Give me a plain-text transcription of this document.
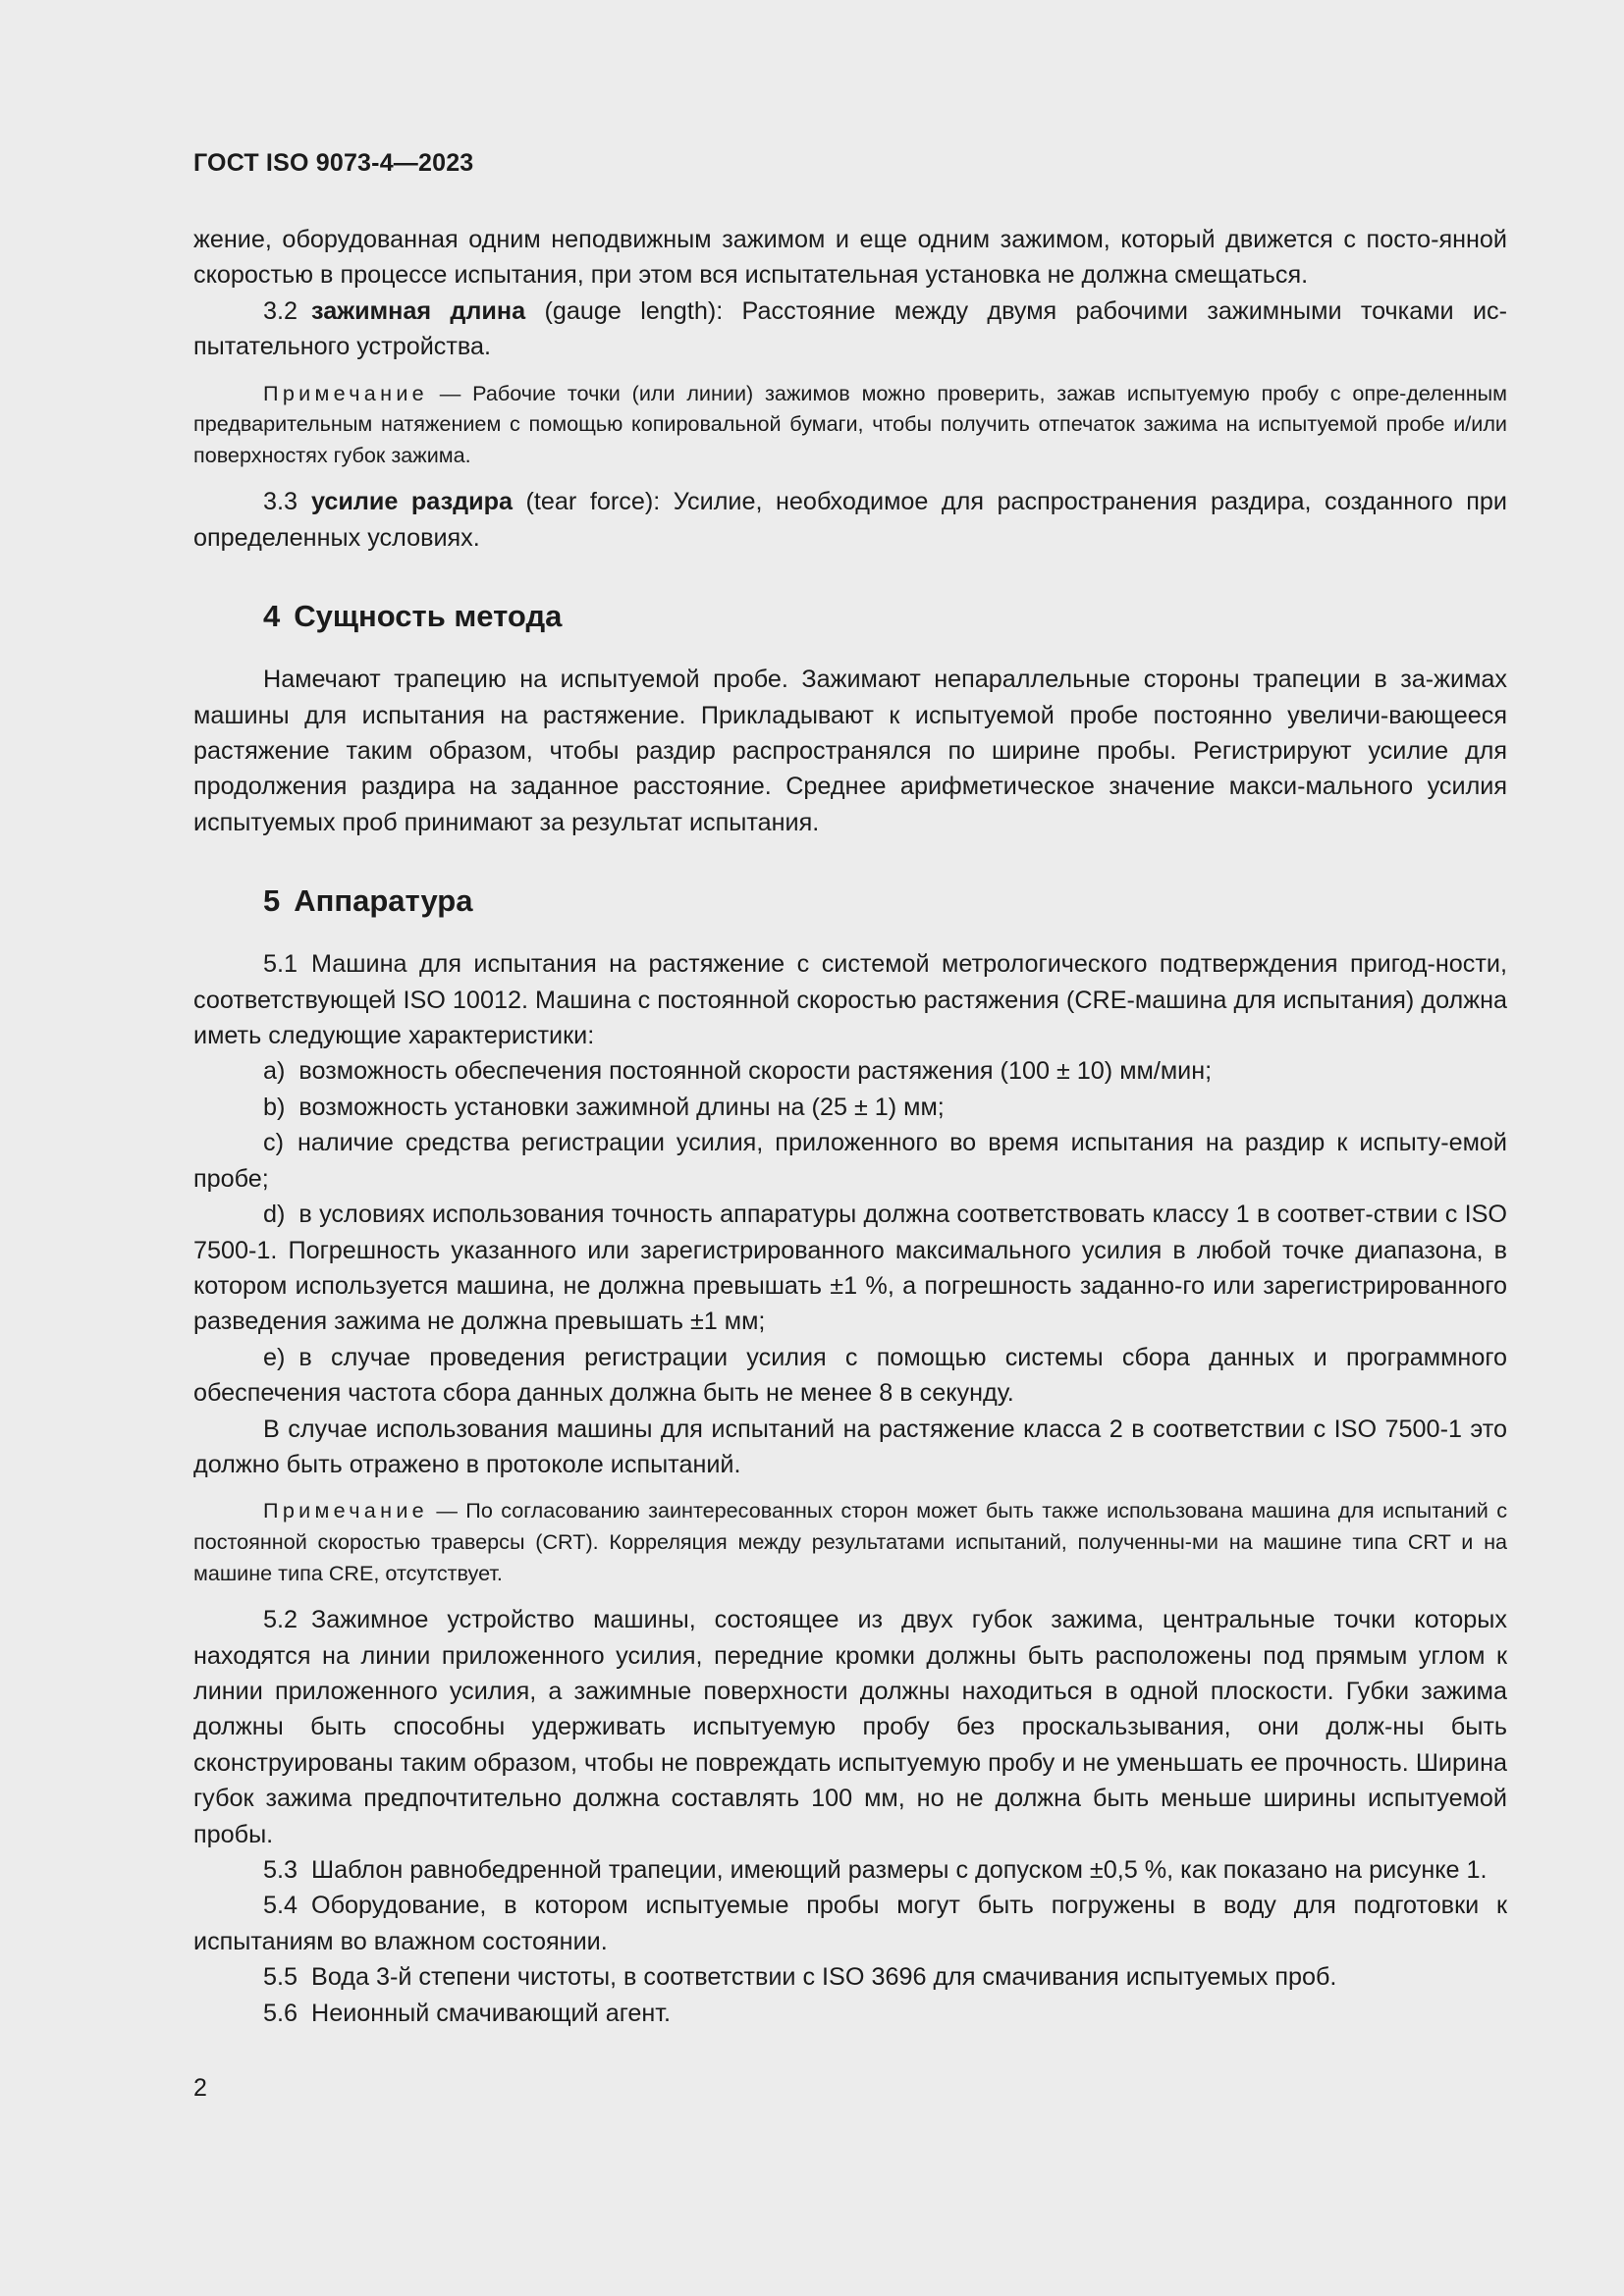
ГОСТ ISO 9073-4—2023

жение, оборудованная одним неподвижным зажимом и еще одним зажимом, который движется с посто-янной скоростью в процессе испытания, при этом вся испытательная установка не должна смещаться.

3.2 зажимная длина (gauge length): Расстояние между двумя рабочими зажимными точками ис-пытательного устройства.

Примечание — Рабочие точки (или линии) зажимов можно проверить, зажав испытуемую пробу с опре-деленным предварительным натяжением с помощью копировальной бумаги, чтобы получить отпечаток зажима на испытуемой пробе и/или поверхностях губок зажима.

3.3 усилие раздира (tear force): Усилие, необходимое для распространения раздира, созданного при определенных условиях.

4 Сущность метода

Намечают трапецию на испытуемой пробе. Зажимают непараллельные стороны трапеции в за-жимах машины для испытания на растяжение. Прикладывают к испытуемой пробе постоянно увеличи-вающееся растяжение таким образом, чтобы раздир распространялся по ширине пробы. Регистрируют усилие для продолжения раздира на заданное расстояние. Среднее арифметическое значение макси-мального усилия испытуемых проб принимают за результат испытания.

5 Аппаратура

5.1 Машина для испытания на растяжение с системой метрологического подтверждения пригод-ности, соответствующей ISO 10012. Машина с постоянной скоростью растяжения (CRE-машина для испытания) должна иметь следующие характеристики:

a) возможность обеспечения постоянной скорости растяжения (100 ± 10) мм/мин;

b) возможность установки зажимной длины на (25 ± 1) мм;

c) наличие средства регистрации усилия, приложенного во время испытания на раздир к испыту-емой пробе;

d) в условиях использования точность аппаратуры должна соответствовать классу 1 в соответ-ствии с ISO 7500-1. Погрешность указанного или зарегистрированного максимального усилия в любой точке диапазона, в котором используется машина, не должна превышать ±1 %, а погрешность заданно-го или зарегистрированного разведения зажима не должна превышать ±1 мм;

e) в случае проведения регистрации усилия с помощью системы сбора данных и программного обеспечения частота сбора данных должна быть не менее 8 в секунду.

В случае использования машины для испытаний на растяжение класса 2 в соответствии с ISO 7500-1 это должно быть отражено в протоколе испытаний.

Примечание — По согласованию заинтересованных сторон может быть также использована машина для испытаний с постоянной скоростью траверсы (CRT). Корреляция между результатами испытаний, полученны-ми на машине типа CRT и на машине типа CRE, отсутствует.

5.2 Зажимное устройство машины, состоящее из двух губок зажима, центральные точки которых находятся на линии приложенного усилия, передние кромки должны быть расположены под прямым углом к линии приложенного усилия, а зажимные поверхности должны находиться в одной плоскости. Губки зажима должны быть способны удерживать испытуемую пробу без проскальзывания, они долж-ны быть сконструированы таким образом, чтобы не повреждать испытуемую пробу и не уменьшать ее прочность. Ширина губок зажима предпочтительно должна составлять 100 мм, но не должна быть меньше ширины испытуемой пробы.

5.3 Шаблон равнобедренной трапеции, имеющий размеры с допуском ±0,5 %, как показано на рисунке 1.

5.4 Оборудование, в котором испытуемые пробы могут быть погружены в воду для подготовки к испытаниям во влажном состоянии.

5.5 Вода 3-й степени чистоты, в соответствии с ISO 3696 для смачивания испытуемых проб.

5.6 Неионный смачивающий агент.

2
